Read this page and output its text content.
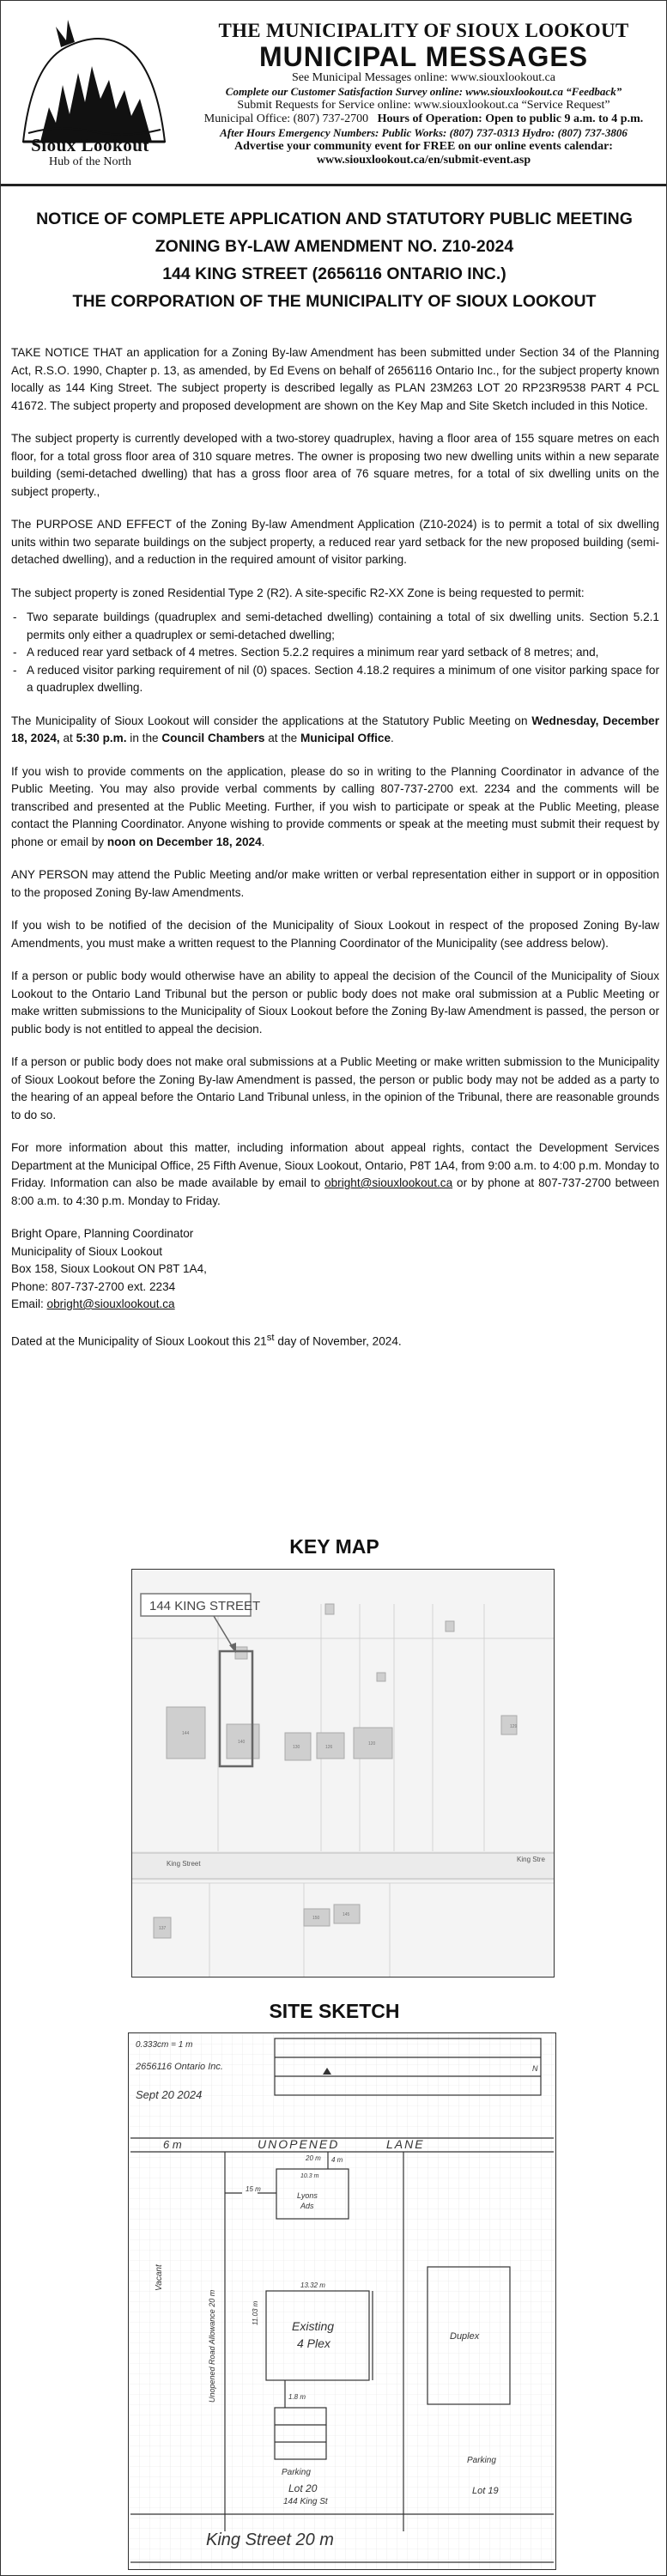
Sioux Lookout
Hub of the North
THE MUNICIPALITY OF SIOUX LOOKOUT
MUNICIPAL MESSAGES
See Municipal Messages online: www.siouxlookout.ca
Complete our Customer Satisfaction Survey online: www.siouxlookout.ca “Feedback”
Submit Requests for Service online: www.siouxlookout.ca “Service Request”
Municipal Office: (807) 737-2700 Hours of Operation: Open to public 9 a.m. to 4 p.m.
After Hours Emergency Numbers: Public Works: (807) 737-0313 Hydro: (807) 737-3806
Advertise your community event for FREE on our online events calendar:
www.siouxlookout.ca/en/submit-event.asp
NOTICE OF COMPLETE APPLICATION AND STATUTORY PUBLIC MEETING
ZONING BY-LAW AMENDMENT NO. Z10-2024
144 KING STREET (2656116 ONTARIO INC.)
THE CORPORATION OF THE MUNICIPALITY OF SIOUX LOOKOUT

TAKE NOTICE THAT an application for a Zoning By-law Amendment has been submitted under Section 34 of the Planning Act, R.S.O. 1990, Chapter p. 13, as amended, by Ed Evens on behalf of 2656116 Ontario Inc., for the subject property known locally as 144 King Street. The subject property is described legally as PLAN 23M263 LOT 20 RP23R9538 PART 4 PCL 41672. The subject property and proposed development are shown on the Key Map and Site Sketch included in this Notice.

The subject property is currently developed with a two-storey quadruplex, having a floor area of 155 square metres on each floor, for a total gross floor area of 310 square metres. The owner is proposing two new dwelling units within a new separate building (semi-detached dwelling) that has a gross floor area of 76 square metres, for a total of six dwelling units on the subject property.,

The PURPOSE AND EFFECT of the Zoning By-law Amendment Application (Z10-2024) is to permit a total of six dwelling units within two separate buildings on the subject property, a reduced rear yard setback for the new proposed building (semi-detached dwelling), and a reduction in the required amount of visitor parking.

The subject property is zoned Residential Type 2 (R2). A site-specific R2-XX Zone is being requested to permit:

- Two separate buildings (quadruplex and semi-detached dwelling) containing a total of six dwelling units. Section 5.2.1 permits only either a quadruplex or semi-detached dwelling;
- A reduced rear yard setback of 4 metres. Section 5.2.2 requires a minimum rear yard setback of 8 metres; and,
- A reduced visitor parking requirement of nil (0) spaces. Section 4.18.2 requires a minimum of one visitor parking space for a quadruplex dwelling.

The Municipality of Sioux Lookout will consider the applications at the Statutory Public Meeting on Wednesday, December 18, 2024, at 5:30 p.m. in the Council Chambers at the Municipal Office.

If you wish to provide comments on the application, please do so in writing to the Planning Coordinator in advance of the Public Meeting. You may also provide verbal comments by calling 807-737-2700 ext. 2234 and the comments will be transcribed and presented at the Public Meeting. Further, if you wish to participate or speak at the Public Meeting, please contact the Planning Coordinator. Anyone wishing to provide comments or speak at the meeting must submit their request by phone or email by noon on December 18, 2024.

ANY PERSON may attend the Public Meeting and/or make written or verbal representation either in support or in opposition to the proposed Zoning By-law Amendments.

If you wish to be notified of the decision of the Municipality of Sioux Lookout in respect of the proposed Zoning By-law Amendments, you must make a written request to the Planning Coordinator of the Municipality (see address below).

If a person or public body would otherwise have an ability to appeal the decision of the Council of the Municipality of Sioux Lookout to the Ontario Land Tribunal but the person or public body does not make oral submission at a Public Meeting or make written submissions to the Municipality of Sioux Lookout before the Zoning By-law Amendment is passed, the person or public body is not entitled to appeal the decision.

If a person or public body does not make oral submissions at a Public Meeting or make written submission to the Municipality of Sioux Lookout before the Zoning By-law Amendment is passed, the person or public body may not be added as a party to the hearing of an appeal before the Ontario Land Tribunal unless, in the opinion of the Tribunal, there are reasonable grounds to do so.

For more information about this matter, including information about appeal rights, contact the Development Services Department at the Municipal Office, 25 Fifth Avenue, Sioux Lookout, Ontario, P8T 1A4, from 9:00 a.m. to 4:00 p.m. Monday to Friday. Information can also be made available by email to obright@siouxlookout.ca or by phone at 807-737-2700 between 8:00 a.m. to 4:30 p.m. Monday to Friday.

Bright Opare, Planning Coordinator

Municipality of Sioux Lookout

Box 158, Sioux Lookout ON P8T 1A4,

Phone: 807-737-2700 ext. 2234

Email: obright@siouxlookout.ca

Dated at the Municipality of Sioux Lookout this 21st day of November, 2024.

KEY MAP
King Street
King Stre
144
140
130	126
120
150
145
137
129
144 KING STREET
SITE SKETCH
0.333cm = 1 m
2656116 Ontario Inc.
Sept 20 2024
N
6 m	UNOPENED	LANE
20 m 4 m
10.3 m
Lyons
Ads
15 m
13.32 m
Existing
4 Plex
11.03 m
Vacant
Unopened Road Allowance 20 m	1.8 m
Parking
Lot 20
144 King St
Duplex
Parking
Lot 19
King Street 20 m
